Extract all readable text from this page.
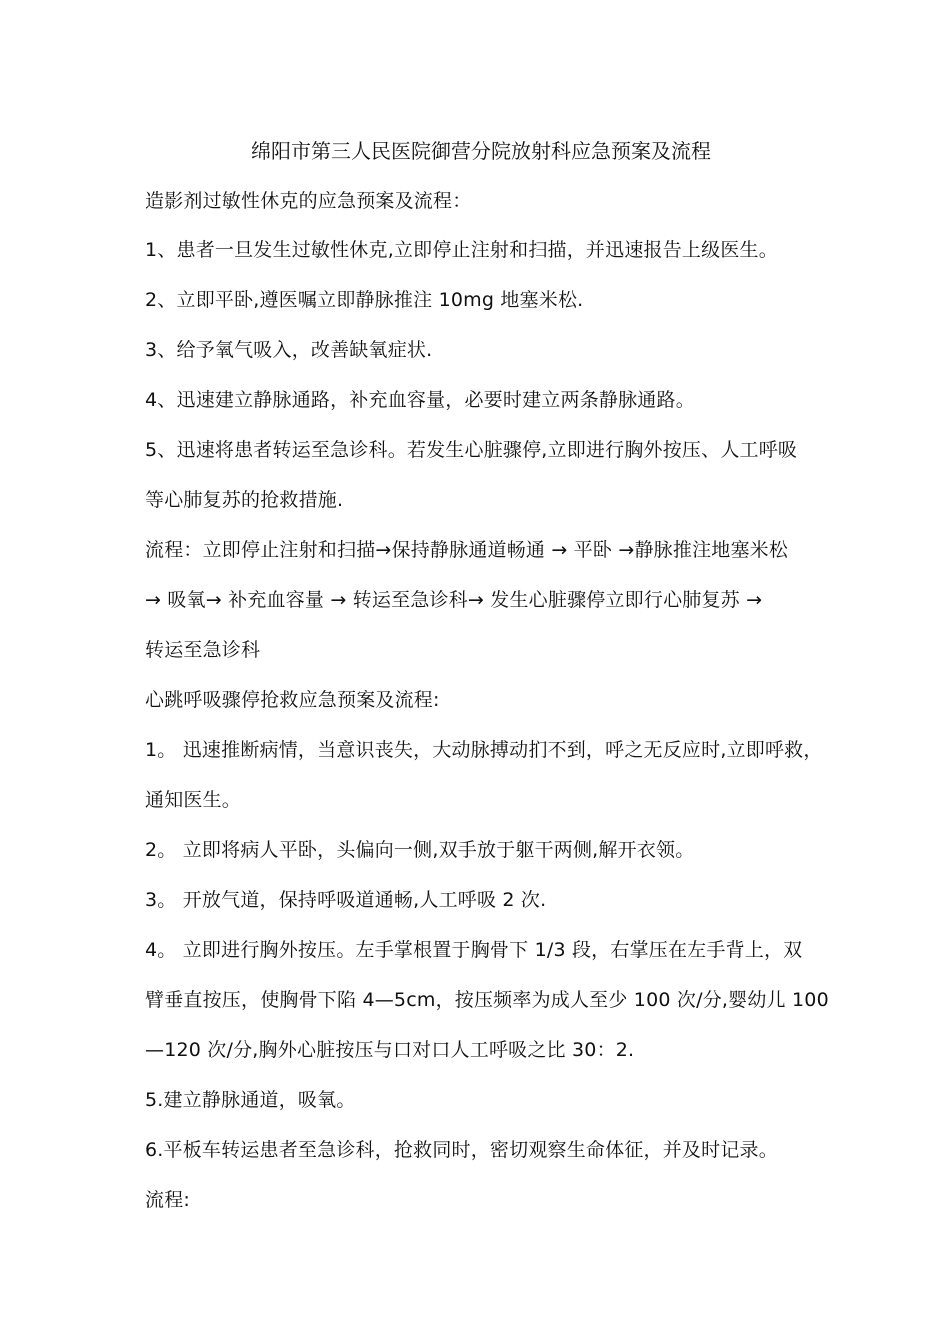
绵阳市第三人民医院御营分院放射科应急预案及流程
造影剂过敏性休克的应急预案及流程：
1、患者一旦发生过敏性休克,立即停止注射和扫描，并迅速报告上级医生。
2、立即平卧,遵医嘱立即静脉推注 10mg 地塞米松.
3、给予氧气吸入，改善缺氧症状.
4、迅速建立静脉通路，补充血容量，必要时建立两条静脉通路。
5、迅速将患者转运至急诊科。若发生心脏骤停,立即进行胸外按压、人工呼吸
等心肺复苏的抢救措施.
流程：立即停止注射和扫描→保持静脉通道畅通 → 平卧 →静脉推注地塞米松
→ 吸氧→ 补充血容量 → 转运至急诊科→ 发生心脏骤停立即行心肺复苏 →
转运至急诊科
心跳呼吸骤停抢救应急预案及流程:
1。 迅速推断病情，当意识丧失，大动脉搏动扪不到，呼之无反应时,立即呼救，
通知医生。
2。 立即将病人平卧，头偏向一侧,双手放于躯干两侧,解开衣领。
3。 开放气道，保持呼吸道通畅,人工呼吸 2 次.
4。 立即进行胸外按压。左手掌根置于胸骨下 1/3 段，右掌压在左手背上，双
臂垂直按压，使胸骨下陷 4—5cm，按压频率为成人至少 100 次/分,婴幼儿 100
—120 次/分,胸外心脏按压与口对口人工呼吸之比 30：2.
5.建立静脉通道，吸氧。
6.平板车转运患者至急诊科，抢救同时，密切观察生命体征，并及时记录。
流程:
